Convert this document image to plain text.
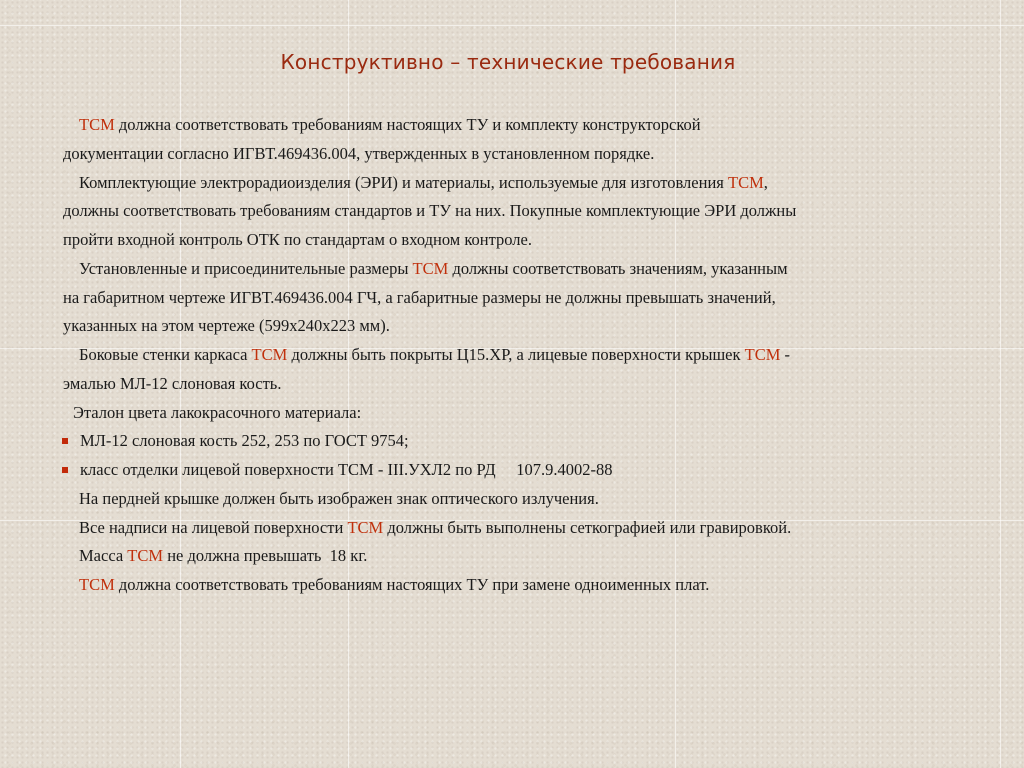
Конструктивно – технические требования
ТСМ должна соответствовать требованиям настоящих ТУ и комплекту конструкторской
документации согласно ИГВТ.469436.004, утвержденных в установленном порядке.
Комплектующие электрорадиоизделия (ЭРИ) и материалы, используемые для изготовления ТСМ,
должны соответствовать требованиям стандартов и ТУ на них. Покупные комплектующие ЭРИ должны
пройти входной контроль ОТК по стандартам о входном контроле.
Установленные и присоединительные размеры ТСМ должны соответствовать значениям, указанным
на габаритном чертеже ИГВТ.469436.004 ГЧ, а габаритные размеры не должны превышать значений,
указанных на этом чертеже (599х240х223 мм).
Боковые стенки каркаса ТСМ должны быть покрыты Ц15.ХР, а лицевые поверхности крышек ТСМ -
эмалью МЛ-12 слоновая кость.
Эталон цвета лакокрасочного материала:
МЛ-12 слоновая кость 252, 253 по ГОСТ 9754;
класс отделки лицевой поверхности ТСМ - III.УХЛ2 по РД     107.9.4002-88
На пердней крышке должен быть изображен знак оптического излучения.
Все надписи на лицевой поверхности ТСМ должны быть выполнены сеткографией или гравировкой.
Масса ТСМ не должна превышать  18 кг.
ТСМ должна соответствовать требованиям настоящих ТУ при замене одноименных плат.
